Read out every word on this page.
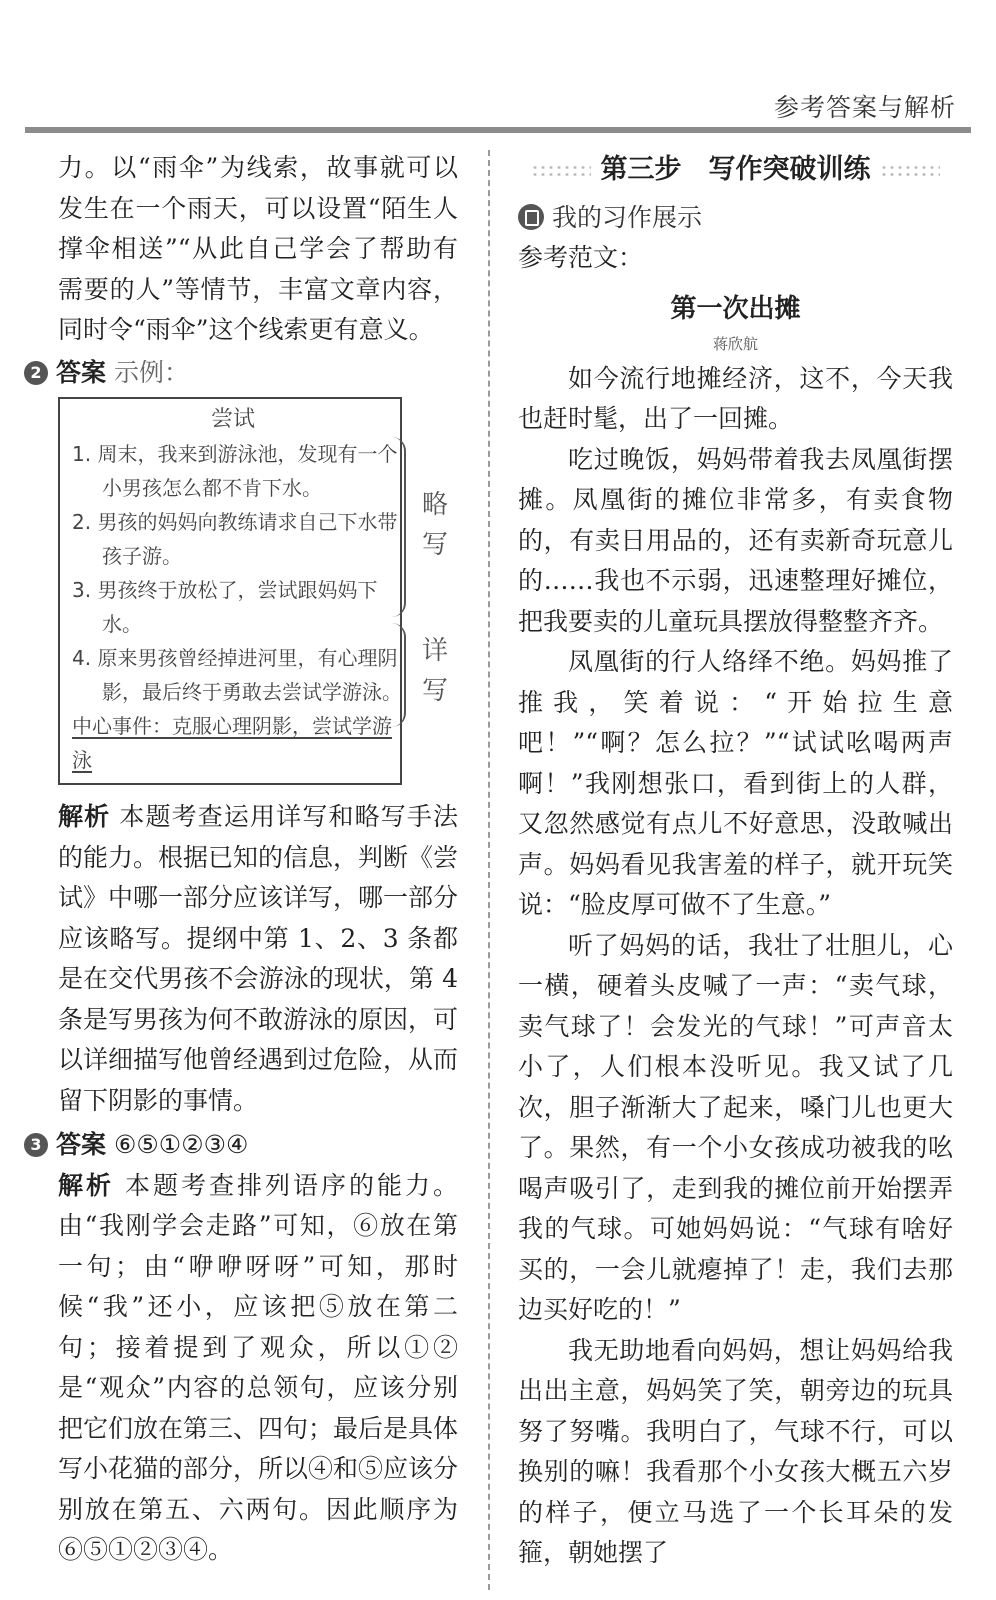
参考答案与解析

力。以“雨伞”为线索，故事就可以发生在一个雨天，可以设置“陌生人撑伞相送”“从此自己学会了帮助有需要的人”等情节，丰富文章内容，同时令“雨伞”这个线索更有意义。

2 答案 示例：

尝试
1. 周末，我来到游泳池，发现有一个小男孩怎么都不肯下水。
2. 男孩的妈妈向教练请求自己下水带孩子游。
3. 男孩终于放松了，尝试跟妈妈下水。
4. 原来男孩曾经掉进河里，有心理阴影，最后终于勇敢去尝试学游泳。
中心事件：克服心理阴影，尝试学游泳
略写
详写

解析 本题考查运用详写和略写手法的能力。根据已知的信息，判断《尝试》中哪一部分应该详写，哪一部分应该略写。提纲中第 1、2、3 条都是在交代男孩不会游泳的现状，第 4 条是写男孩为何不敢游泳的原因，可以详细描写他曾经遇到过危险，从而留下阴影的事情。

3 答案 ⑥⑤①②③④

解析 本题考查排列语序的能力。由“我刚学会走路”可知，⑥放在第一句；由“咿咿呀呀”可知，那时候“我”还小，应该把⑤放在第二句；接着提到了观众，所以①②是“观众”内容的总领句，应该分别把它们放在第三、四句；最后是具体写小花猫的部分，所以④和⑤应该分别放在第五、六两句。因此顺序为⑥⑤①②③④。

第三步　写作突破训练

我的习作展示

参考范文：

第一次出摊

蒋欣航

如今流行地摊经济，这不，今天我也赶时髦，出了一回摊。

吃过晚饭，妈妈带着我去凤凰街摆摊。凤凰街的摊位非常多，有卖食物的，有卖日用品的，还有卖新奇玩意儿的……我也不示弱，迅速整理好摊位，把我要卖的儿童玩具摆放得整整齐齐。

凤凰街的行人络绎不绝。妈妈推了推我，笑着说：“开始拉生意吧！”“啊？怎么拉？”“试试吆喝两声啊！”我刚想张口，看到街上的人群，又忽然感觉有点儿不好意思，没敢喊出声。妈妈看见我害羞的样子，就开玩笑说：“脸皮厚可做不了生意。”

听了妈妈的话，我壮了壮胆儿，心一横，硬着头皮喊了一声：“卖气球，卖气球了！会发光的气球！”可声音太小了，人们根本没听见。我又试了几次，胆子渐渐大了起来，嗓门儿也更大了。果然，有一个小女孩成功被我的吆喝声吸引了，走到我的摊位前开始摆弄我的气球。可她妈妈说：“气球有啥好买的，一会儿就瘪掉了！走，我们去那边买好吃的！”

我无助地看向妈妈，想让妈妈给我出出主意，妈妈笑了笑，朝旁边的玩具努了努嘴。我明白了，气球不行，可以换别的嘛！我看那个小女孩大概五六岁的样子，便立马选了一个长耳朵的发箍，朝她摆了
